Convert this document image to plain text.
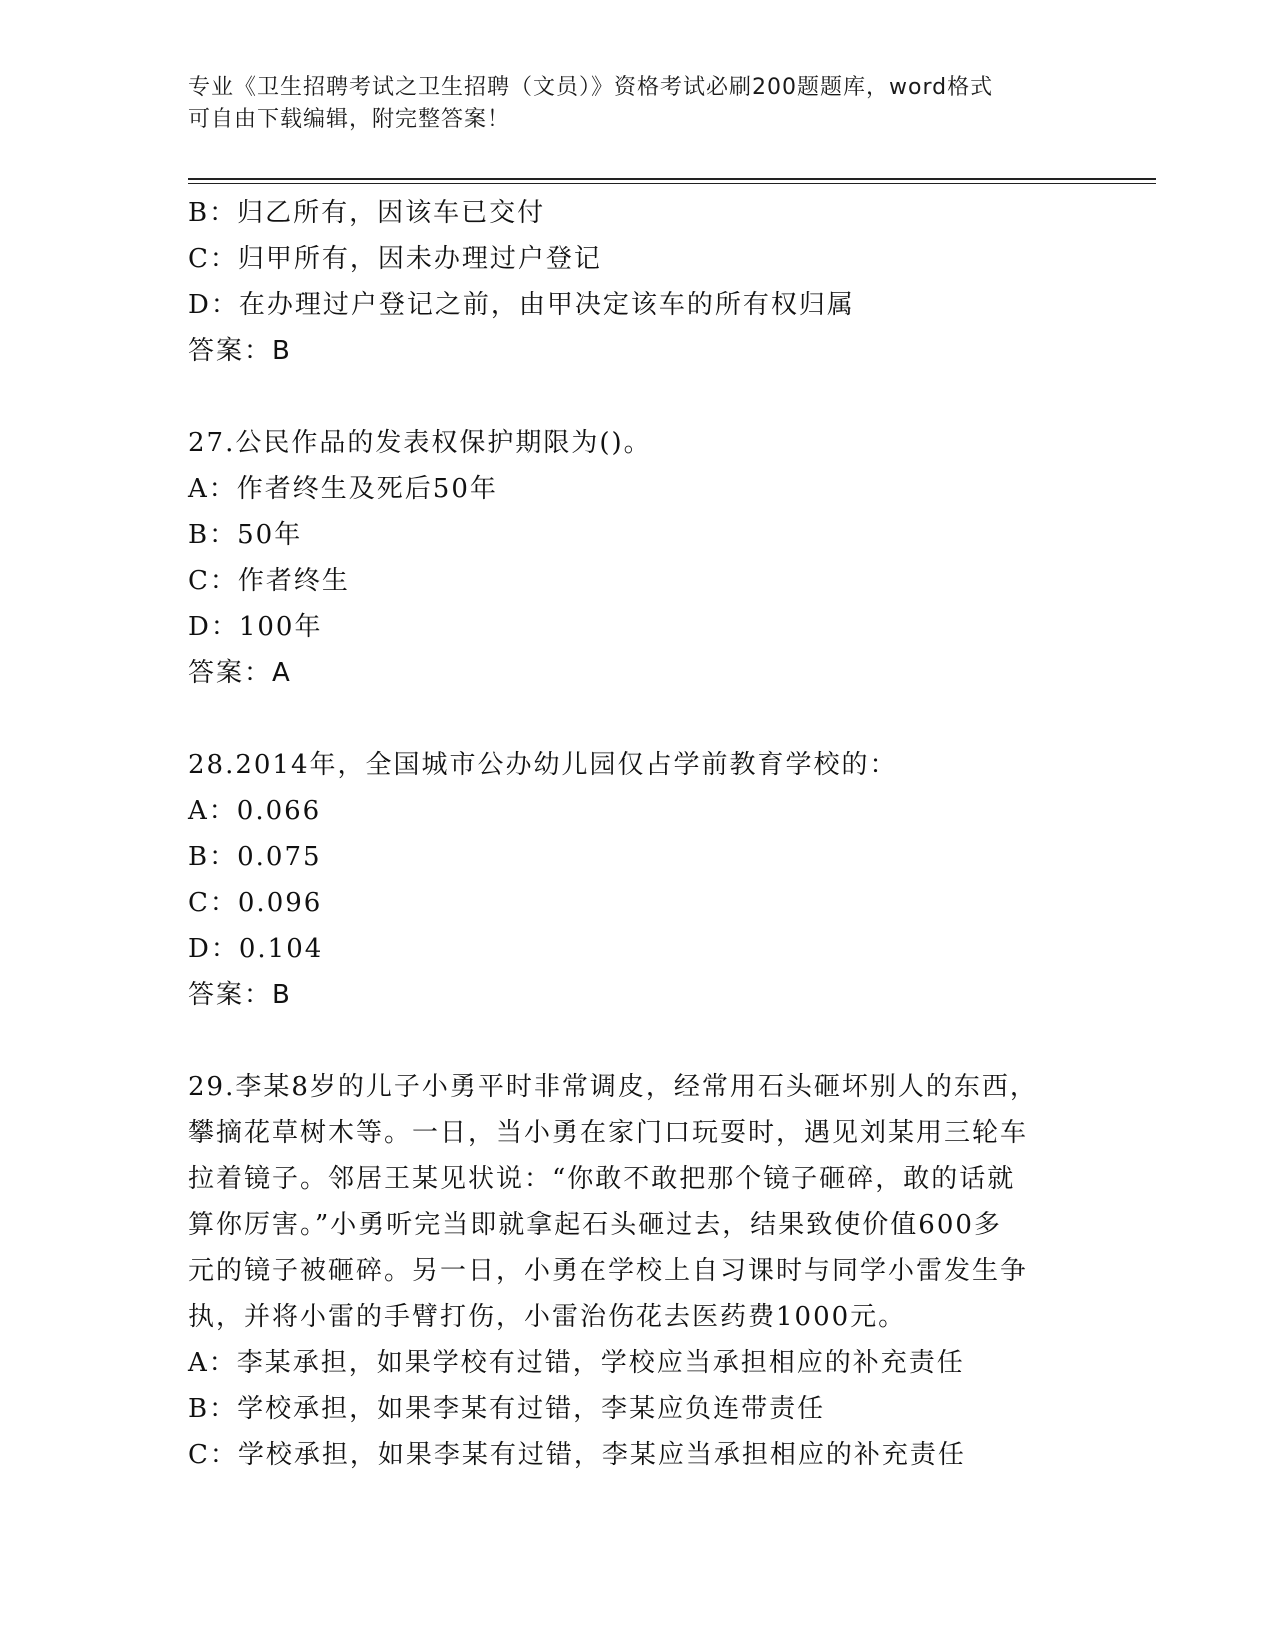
专业《卫生招聘考试之卫生招聘（文员）》资格考试必刷200题题库，word格式
可自由下载编辑，附完整答案！
B：归乙所有，因该车已交付
C：归甲所有，因未办理过户登记
D：在办理过户登记之前，由甲决定该车的所有权归属
答案：B
27.公民作品的发表权保护期限为()。
A：作者终生及死后50年
B：50年
C：作者终生
D：100年
答案：A
28.2014年，全国城市公办幼儿园仅占学前教育学校的：
A：0.066
B：0.075
C：0.096
D：0.104
答案：B
29.李某8岁的儿子小勇平时非常调皮，经常用石头砸坏别人的东西，
攀摘花草树木等。一日，当小勇在家门口玩耍时，遇见刘某用三轮车
拉着镜子。邻居王某见状说：“你敢不敢把那个镜子砸碎，敢的话就
算你厉害。”小勇听完当即就拿起石头砸过去，结果致使价值600多
元的镜子被砸碎。另一日，小勇在学校上自习课时与同学小雷发生争
执，并将小雷的手臂打伤，小雷治伤花去医药费1000元。
A：李某承担，如果学校有过错，学校应当承担相应的补充责任
B：学校承担，如果李某有过错，李某应负连带责任
C：学校承担，如果李某有过错，李某应当承担相应的补充责任
